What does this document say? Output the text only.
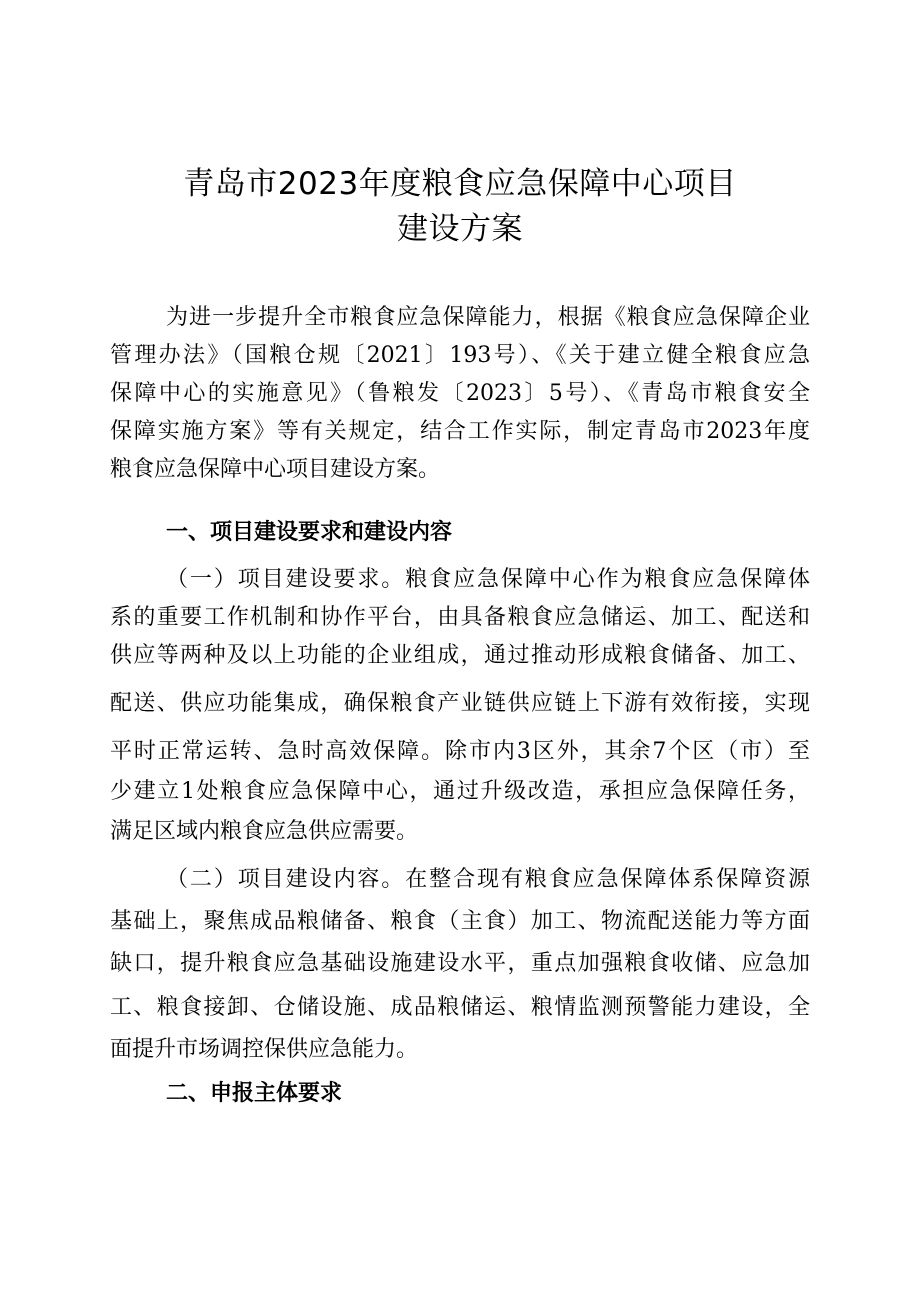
青岛市2023年度粮食应急保障中心项目
建设方案
为进一步提升全市粮食应急保障能力，根据《粮食应急保障企业
管理办法》（国粮仓规〔2021〕193号）、《关于建立健全粮食应急
保障中心的实施意见》（鲁粮发〔2023〕5号）、《青岛市粮食安全
保障实施方案》等有关规定，结合工作实际，制定青岛市2023年度
粮食应急保障中心项目建设方案。
一、项目建设要求和建设内容
（一）项目建设要求。粮食应急保障中心作为粮食应急保障体
系的重要工作机制和协作平台，由具备粮食应急储运、加工、配送和
供应等两种及以上功能的企业组成，通过推动形成粮食储备、加工、
配送、供应功能集成，确保粮食产业链供应链上下游有效衔接，实现
平时正常运转、急时高效保障。除市内3区外，其余7个区（市）至
少建立1处粮食应急保障中心，通过升级改造，承担应急保障任务，
满足区域内粮食应急供应需要。
（二）项目建设内容。在整合现有粮食应急保障体系保障资源
基础上，聚焦成品粮储备、粮食（主食）加工、物流配送能力等方面
缺口，提升粮食应急基础设施建设水平，重点加强粮食收储、应急加
工、粮食接卸、仓储设施、成品粮储运、粮情监测预警能力建设，全
面提升市场调控保供应急能力。
二、申报主体要求
